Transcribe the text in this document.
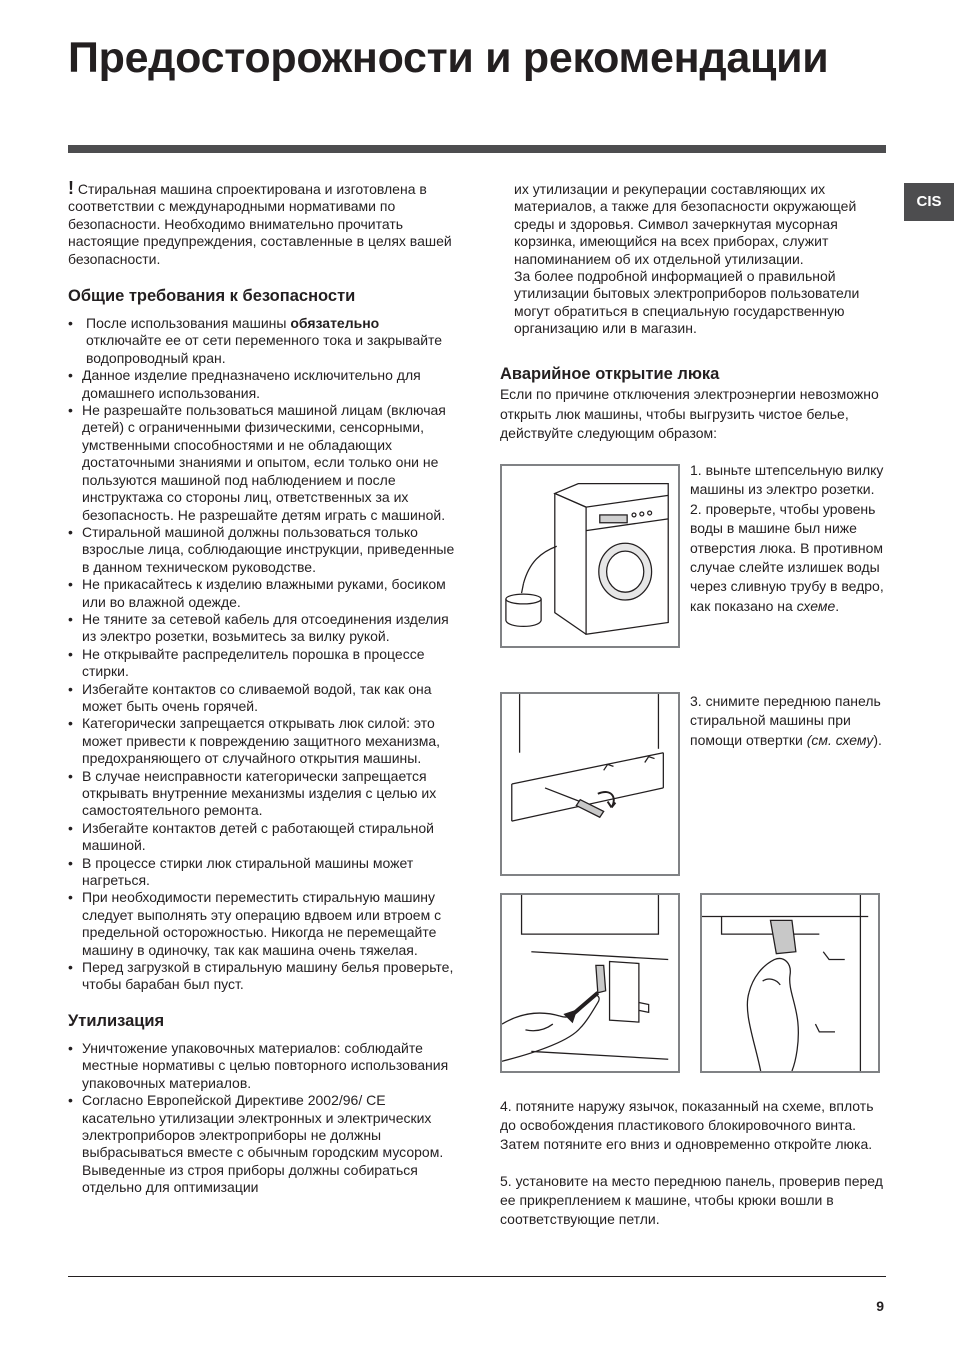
Предосторожности и рекомендации
CIS

! Стиральная машина спроектирована и изготовлена в соответствии с международными нормативами по безопасности. Необходимо внимательно прочитать настоящие предупреждения, составленные в целях вашей безопасности.

Общие требования к безопасности
• После использования машины обязательно отключайте ее от сети переменного тока и закрывайте водопроводный кран.
• Данное изделие предназначено исключительно для домашнего использования.
• Не разрешайте пользоваться машиной лицам (включая детей) с ограниченными физическими, сенсорными, умственными способностями и не обладающих достаточными знаниями и опытом, если только они не пользуются машиной под наблюдением и после инструктажа со стороны лиц, ответственных за их безопасность. Не разрешайте детям играть с машиной.
• Стиральной машиной должны пользоваться только взрослые лица, соблюдающие инструкции, приведенные в данном техническом руководстве.
• Не прикасайтесь к изделию влажными руками, босиком или во влажной одежде.
• Не тяните за сетевой кабель для отсоединения изделия из электро розетки, возьмитесь за вилку рукой.
• Не открывайте распределитель порошка в процессе стирки.
• Избегайте контактов со сливаемой водой, так как она может быть очень горячей.
• Категорически запрещается открывать люк силой: это может привести к повреждению защитного механизма, предохраняющего от случайного открытия машины.
• В случае неисправности категорически запрещается открывать внутренние механизмы изделия с целью их самостоятельного ремонта.
• Избегайте контактов детей с работающей стиральной машиной.
• В процессе стирки люк стиральной машины может нагреться.
• При необходимости переместить стиральную машину следует выполнять эту операцию вдвоем или втроем с предельной осторожностью. Никогда не перемещайте машину в одиночку, так как машина очень тяжелая.
• Перед загрузкой в стиральную машину белья проверьте, чтобы барабан был пуст.
Утилизация
• Уничтожение упаковочных материалов: соблюдайте местные нормативы с целью повторного использования упаковочных материалов.
• Согласно Европейской Директиве 2002/96/ CE касательно утилизации электронных и электрических электроприборов электроприборы не должны выбрасываться вместе с обычным городским мусором. Выведенные из строя приборы должны собираться отдельно для оптимизации

их утилизации и рекуперации составляющих их материалов, а также для безопасности окружающей среды и здоровья. Символ зачеркнутая мусорная корзинка, имеющийся на всех приборах, служит напоминанием об их отдельной утилизации.

За более подробной информацией о правильной утилизации бытовых электроприборов пользователи могут обратиться в специальную государственную организацию или в магазин.

Аварийное открытие люка

Если по причине отключения электроэнергии невозможно открыть люк машины, чтобы выгрузить чистое белье, действуйте следующим образом:

1. выньте штепсельную вилку машины из электро розетки.

2. проверьте, чтобы уровень воды в машине был ниже отверстия люка. В противном случае слейте излишек воды через сливную трубу в ведро, как показано на схеме.

3. снимите переднюю панель стиральной машины при помощи отвертки (см. схему).

4. потяните наружу язычок, показанный на схеме, вплоть до освобождения пластикового блокировочного винта. Затем потяните его вниз и одновременно откройте люка.

5. установите на место переднюю панель, проверив перед ее прикреплением к машине, чтобы крюки вошли в соответствующие петли.

9
